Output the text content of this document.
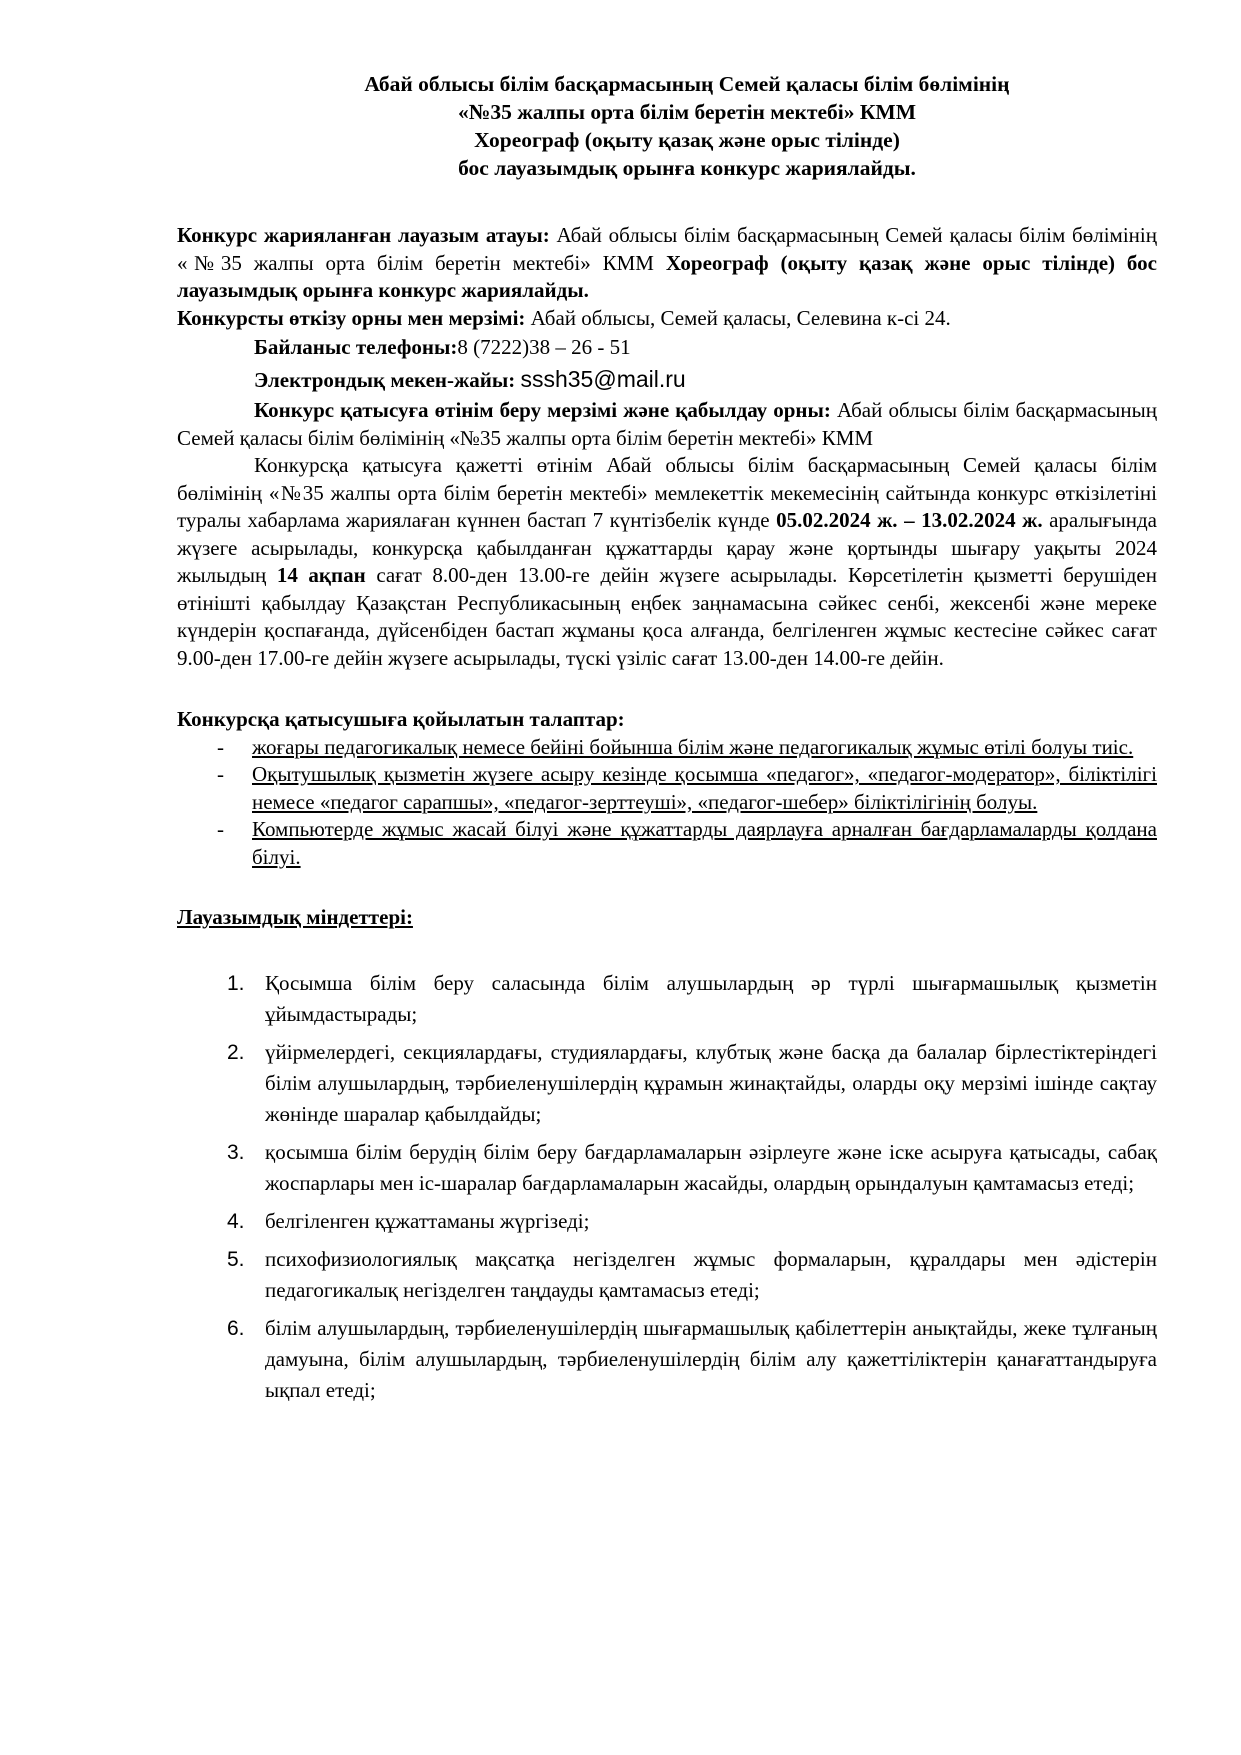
Абай облысы білім басқармасының Семей қаласы білім бөлімінің
«№35 жалпы орта білім беретін мектебі» КММ
Хореограф (оқыту қазақ және орыс тілінде)
бос лауазымдық орынға конкурс жариялайды.
Конкурс жарияланған лауазым атауы: Абай облысы білім басқармасының Семей қаласы білім бөлімінің «№35 жалпы орта білім беретін мектебі» КММ Хореограф (оқыту қазақ және орыс тілінде) бос лауазымдық орынға конкурс жариялайды.
Конкурсты өткізу орны мен мерзімі: Абай облысы, Семей қаласы, Селевина к-сі 24.
Байланыс телефоны:8 (7222)38 – 26 - 51
Электрондық мекен-жайы: sssh35@mail.ru
Конкурс қатысуға өтінім беру мерзімі және қабылдау орны: Абай облысы білім басқармасының Семей қаласы білім бөлімінің «№35 жалпы орта білім беретін мектебі» КММ
Конкурсқа қатысуға қажетті өтінім Абай облысы білім басқармасының Семей қаласы білім бөлімінің «№35 жалпы орта білім беретін мектебі» мемлекеттік мекемесінің сайтында конкурс өткізілетіні туралы хабарлама жариялаған күннен бастап 7 күнтізбелік күнде 05.02.2024 ж. – 13.02.2024 ж. аралығында жүзеге асырылады, конкурсқа қабылданған құжаттарды қарау және қортынды шығару уақыты 2024 жылыдың 14 ақпан сағат 8.00-ден 13.00-ге дейін жүзеге асырылады. Көрсетілетін қызметті берушіден өтінішті қабылдау Қазақстан Республикасының еңбек заңнамасына сәйкес сенбі, жексенбі және мереке күндерін қоспағанда, дүйсенбіден бастап жұманы қоса алғанда, белгіленген жұмыс кестесіне сәйкес сағат 9.00-ден 17.00-ге дейін жүзеге асырылады, түскі үзіліс сағат 13.00-ден 14.00-ге дейін.
Конкурсқа қатысушыға қойылатын талаптар:
- жоғары педагогикалық немесе бейіні бойынша білім және педагогикалық жұмыс өтілі болуы тиіс.
- Оқытушылық қызметін жүзеге асыру кезінде қосымша «педагог», «педагог-модератор», біліктілігі немесе «педагог сарапшы», «педагог-зерттеуші», «педагог-шебер» біліктілігінің болуы.
- Компьютерде жұмыс жасай білуі және құжаттарды даярлауға арналған бағдарламаларды қолдана білуі.
Лауазымдық міндеттері:
1. Қосымша білім беру саласында білім алушылардың әр түрлі шығармашылық қызметін ұйымдастырады;
2. үйірмелердегі, секциялардағы, студиялардағы, клубтық және басқа да балалар бірлестіктеріндегі білім алушылардың, тәрбиеленушілердің құрамын жинақтайды, оларды оқу мерзімі ішінде сақтау жөнінде шаралар қабылдайды;
3. қосымша білім берудің білім беру бағдарламаларын әзірлеуге және іске асыруға қатысады, сабақ жоспарлары мен іс-шаралар бағдарламаларын жасайды, олардың орындалуын қамтамасыз етеді;
4. белгіленген құжаттаманы жүргізеді;
5. психофизиологиялық мақсатқа негізделген жұмыс формаларын, құралдары мен әдістерін педагогикалық негізделген таңдауды қамтамасыз етеді;
6. білім алушылардың, тәрбиеленушілердің шығармашылық қабілеттерін анықтайды, жеке тұлғаның дамуына, білім алушылардың, тәрбиеленушілердің білім алу қажеттіліктерін қанағаттандыруға ықпал етеді;
